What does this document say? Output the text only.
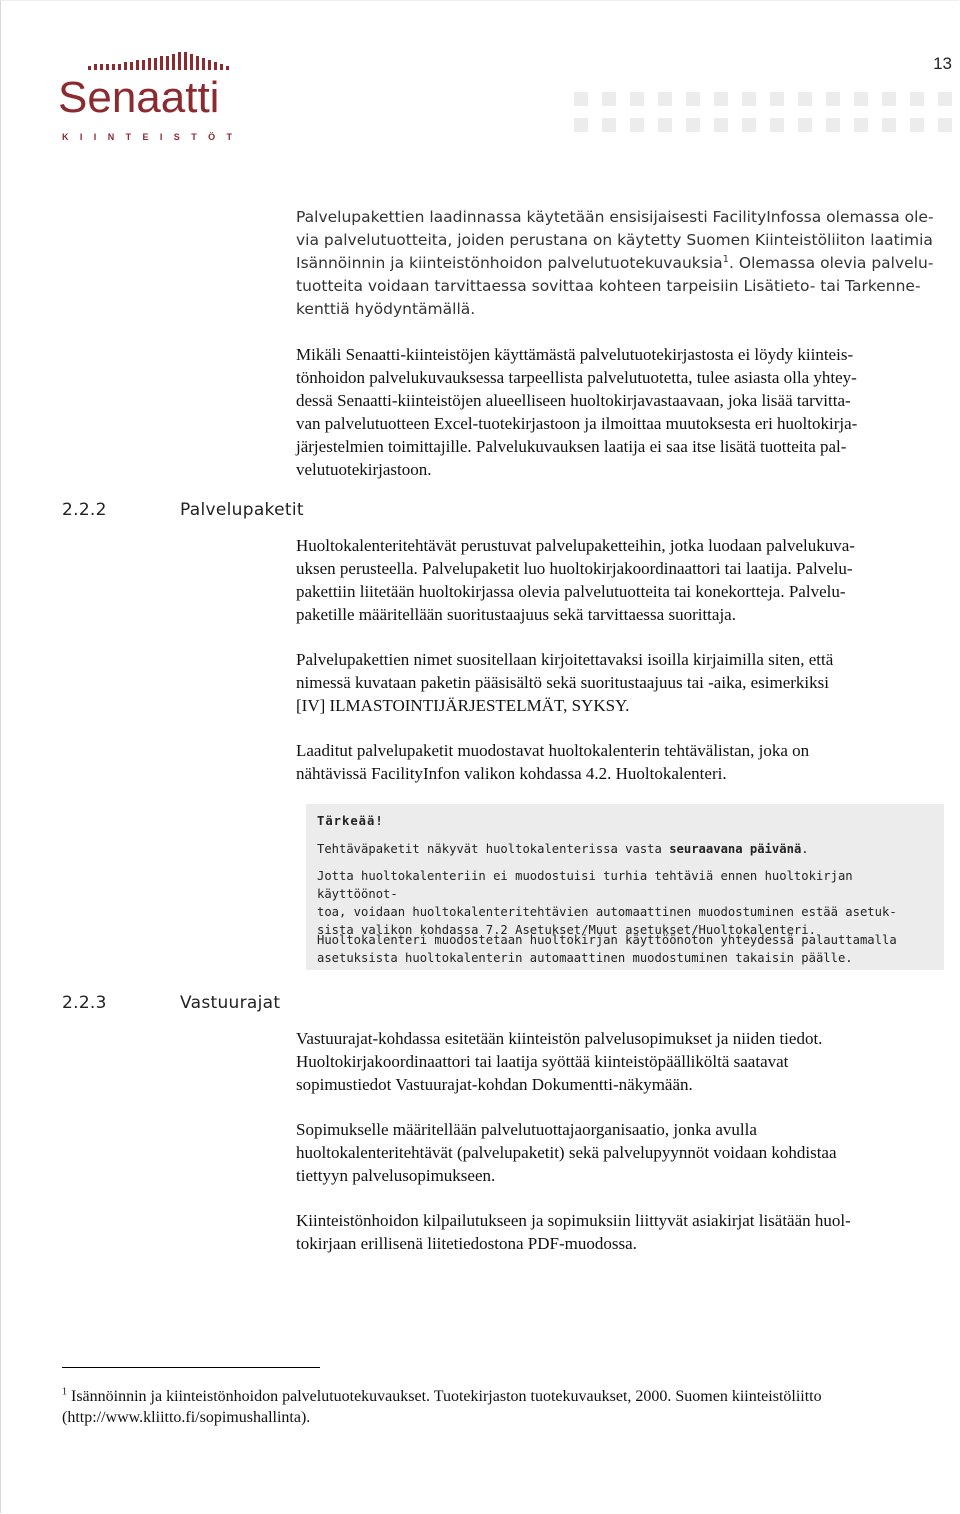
13
Senaatti
KIINTEISTÖT
Palvelupakettien laadinnassa käytetään ensisijaisesti FacilityInfossa olemassa ole-
via palvelutuotteita, joiden perustana on käytetty Suomen Kiinteistöliiton laatimia
Isännöinnin ja kiinteistönhoidon palvelutuotekuvauksia$^1$. Olemassa olevia palvelu-
tuotteita voidaan tarvittaessa sovittaa kohteen tarpeisiin Lisätieto- tai Tarkenne-
kenttiä hyödyntämällä.
Mikäli Senaatti-kiinteistöjen käyttämästä palvelutuotekirjastosta ei löydy kiinteis-
tönhoidon palvelukuvauksessa tarpeellista palvelutuotetta, tulee asiasta olla yhtey-
dessä Senaatti-kiinteistöjen alueelliseen huoltokirjavastaavaan, joka lisää tarvitta-
van palvelutuotteen Excel-tuotekirjastoon ja ilmoittaa muutoksesta eri huoltokirja-
järjestelmien toimittajille. Palvelukuvauksen laatija ei saa itse lisätä tuotteita pal-
velutuotekirjastoon.
2.2.2	Palvelupaketit
Huoltokalenteritehtävät perustuvat palvelupaketteihin, jotka luodaan palvelukuva-
uksen perusteella. Palvelupaketit luo huoltokirjakoordinaattori tai laatija. Palvelu-
pakettiin liitetään huoltokirjassa olevia palvelutuotteita tai konekortteja. Palvelu-
paketille määritellään suoritustaajuus sekä tarvittaessa suorittaja.
Palvelupakettien nimet suositellaan kirjoitettavaksi isoilla kirjaimilla siten, että
nimessä kuvataan paketin pääsisältö sekä suoritustaajuus tai -aika, esimerkiksi
[IV] ILMASTOINTIJÄRJESTELMÄT, SYKSY.
Laaditut palvelupaketit muodostavat huoltokalenterin tehtävälistan, joka on
nähtävissä FacilityInfon valikon kohdassa 4.2. Huoltokalenteri.

Tärkeää!

Tehtäväpaketit näkyvät huoltokalenterissa vasta seuraavana päivänä.

Jotta huoltokalenteriin ei muodostuisi turhia tehtäviä ennen huoltokirjan käyttöönot-
toa, voidaan huoltokalenteritehtävien automaattinen muodostuminen estää asetuk-
sista valikon kohdassa 7.2 Asetukset/Muut asetukset/Huoltokalenteri.

Huoltokalenteri muodostetaan huoltokirjan käyttöönoton yhteydessä palauttamalla
asetuksista huoltokalenterin automaattinen muodostuminen takaisin päälle.

2.2.3	Vastuurajat
Vastuurajat-kohdassa esitetään kiinteistön palvelusopimukset ja niiden tiedot.
Huoltokirjakoordinaattori tai laatija syöttää kiinteistöpäälliköltä saatavat
sopimustiedot Vastuurajat-kohdan Dokumentti-näkymään.
Sopimukselle määritellään palvelutuottajaorganisaatio, jonka avulla
huoltokalenteritehtävät (palvelupaketit) sekä palvelupyynnöt voidaan kohdistaa
tiettyyn palvelusopimukseen.
Kiinteistönhoidon kilpailutukseen ja sopimuksiin liittyvät asiakirjat lisätään huol-
tokirjaan erillisenä liitetiedostona PDF-muodossa.
$^1$ Isännöinnin ja kiinteistönhoidon palvelutuotekuvaukset. Tuotekirjaston tuotekuvaukset, 2000. Suomen kiinteistöliitto
(http://www.kliitto.fi/sopimushallinta).
